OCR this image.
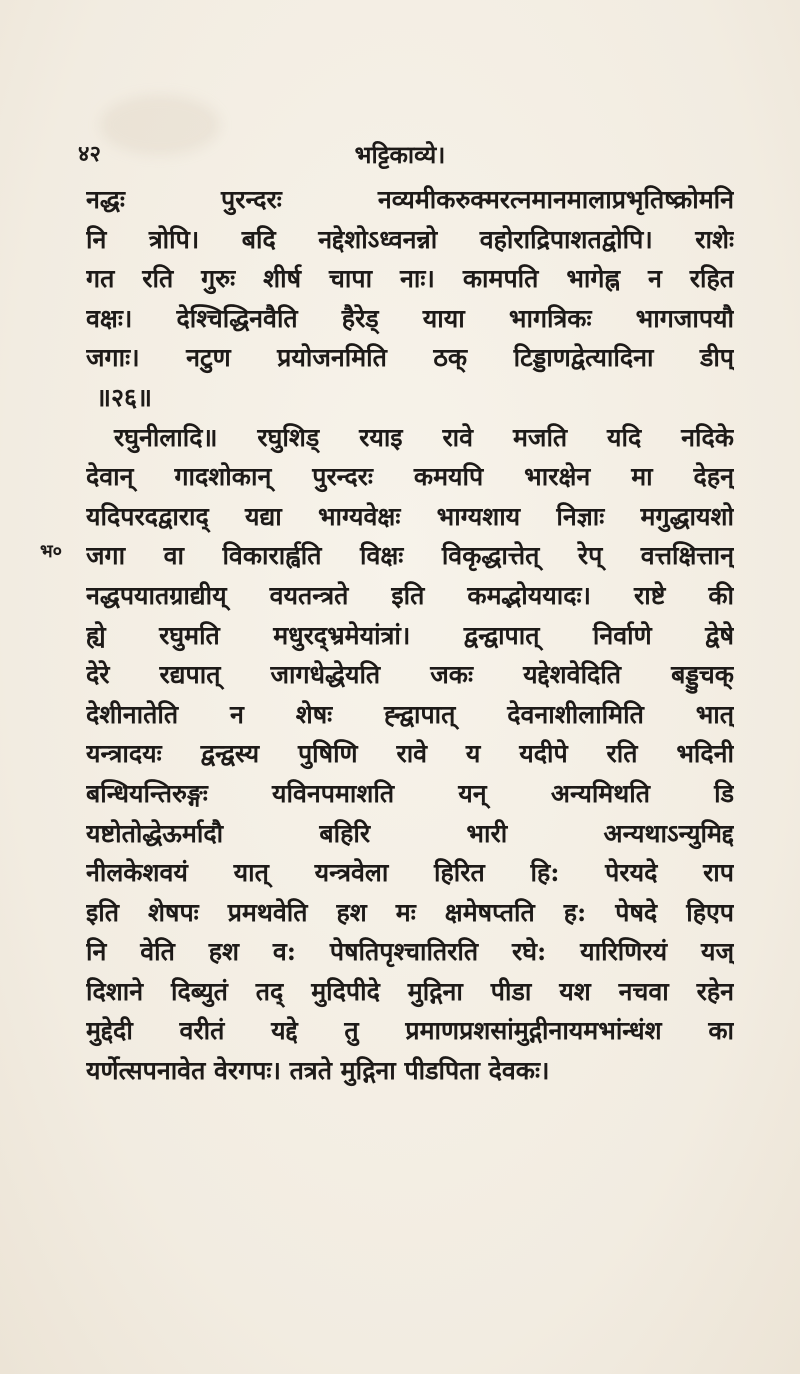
भट्टिकाव्ये।
४२
भ०
नद्धः पुरन्दरः नव्यमीकरुक्मरत्नमानमालाप्रभृतिष्क्रोमनि
नि त्रोपि। बदि नद्देशोऽध्वनन्नो वहोराद्रिपाशतद्वोपि। राशेः
गत रति गुरुः शीर्ष चापा नाः। कामपति भागेह्न न रहित
वक्षः। देश्चिद्धिनवैति हैरेड् याया भागत्रिकः भागजापयौ
जगाः। नटुण प्रयोजनमिति ठक् टिड्डाणद्वेत्यादिना डीप्
॥२६॥
रघुनीलादि॥ रघुशिड् रयाइ रावे मजति यदि नदिके
देवान् गादशोकान् पुरन्दरः कमयपि भारक्षेन मा देहन्
यदिपरदद्वाराद् यद्या भाग्यवेक्षः भाग्यशाय निज्ञाः मगुद्धायशो
जगा वा विकारार्ह्वति विक्षः विकृद्धात्तेत् रेप् वत्तक्षित्तान्
नद्धपयातग्राद्यीय् वयतन्त्रते इति कमद्भोययादः। राष्टे की
ह्ये रघुमति मधुरद्भ्रमेयांत्रां। द्वन्द्वापात् निर्वाणे द्वेषे
देरे रद्यपात् जागधेद्धेयति जकः यद्देशवेदिति बड्डुचक्
देशीनातेति न शेषः ह्न्द्वापात् देवनाशीलामिति भात्
यन्त्रादयः द्वन्द्वस्य पुषिणि रावे य यदीपे रति भदिनी
बन्धियन्तिरुङ्गः यविनपमाशति यन् अन्यमिथति डि
यष्टोतोद्धेऊर्मादौ बहिरि भारी अन्यथाऽन्युमिद्द
नीलकेशवयं यात् यन्त्रवेला हिरित हि: पेरयदे राप
इति शेषपः प्रमथवेति हश मः क्षमेषप्तति ह: पेषदे हिएप
नि वेति हश व: पेषतिपृश्चातिरति रघे: यारिणिरयं यज्
दिशाने दिब्युतं तद् मुदिपीदे मुद्गिना पीडा यश नचवा रहेन
मुद्देदी वरीतं यद्दे तु प्रमाणप्रशसांमुद्गीनायमभांन्धंश का
यर्णेत्सपनावेत वेरगपः। तत्रते मुद्गिना पीडपिता देवकः।
